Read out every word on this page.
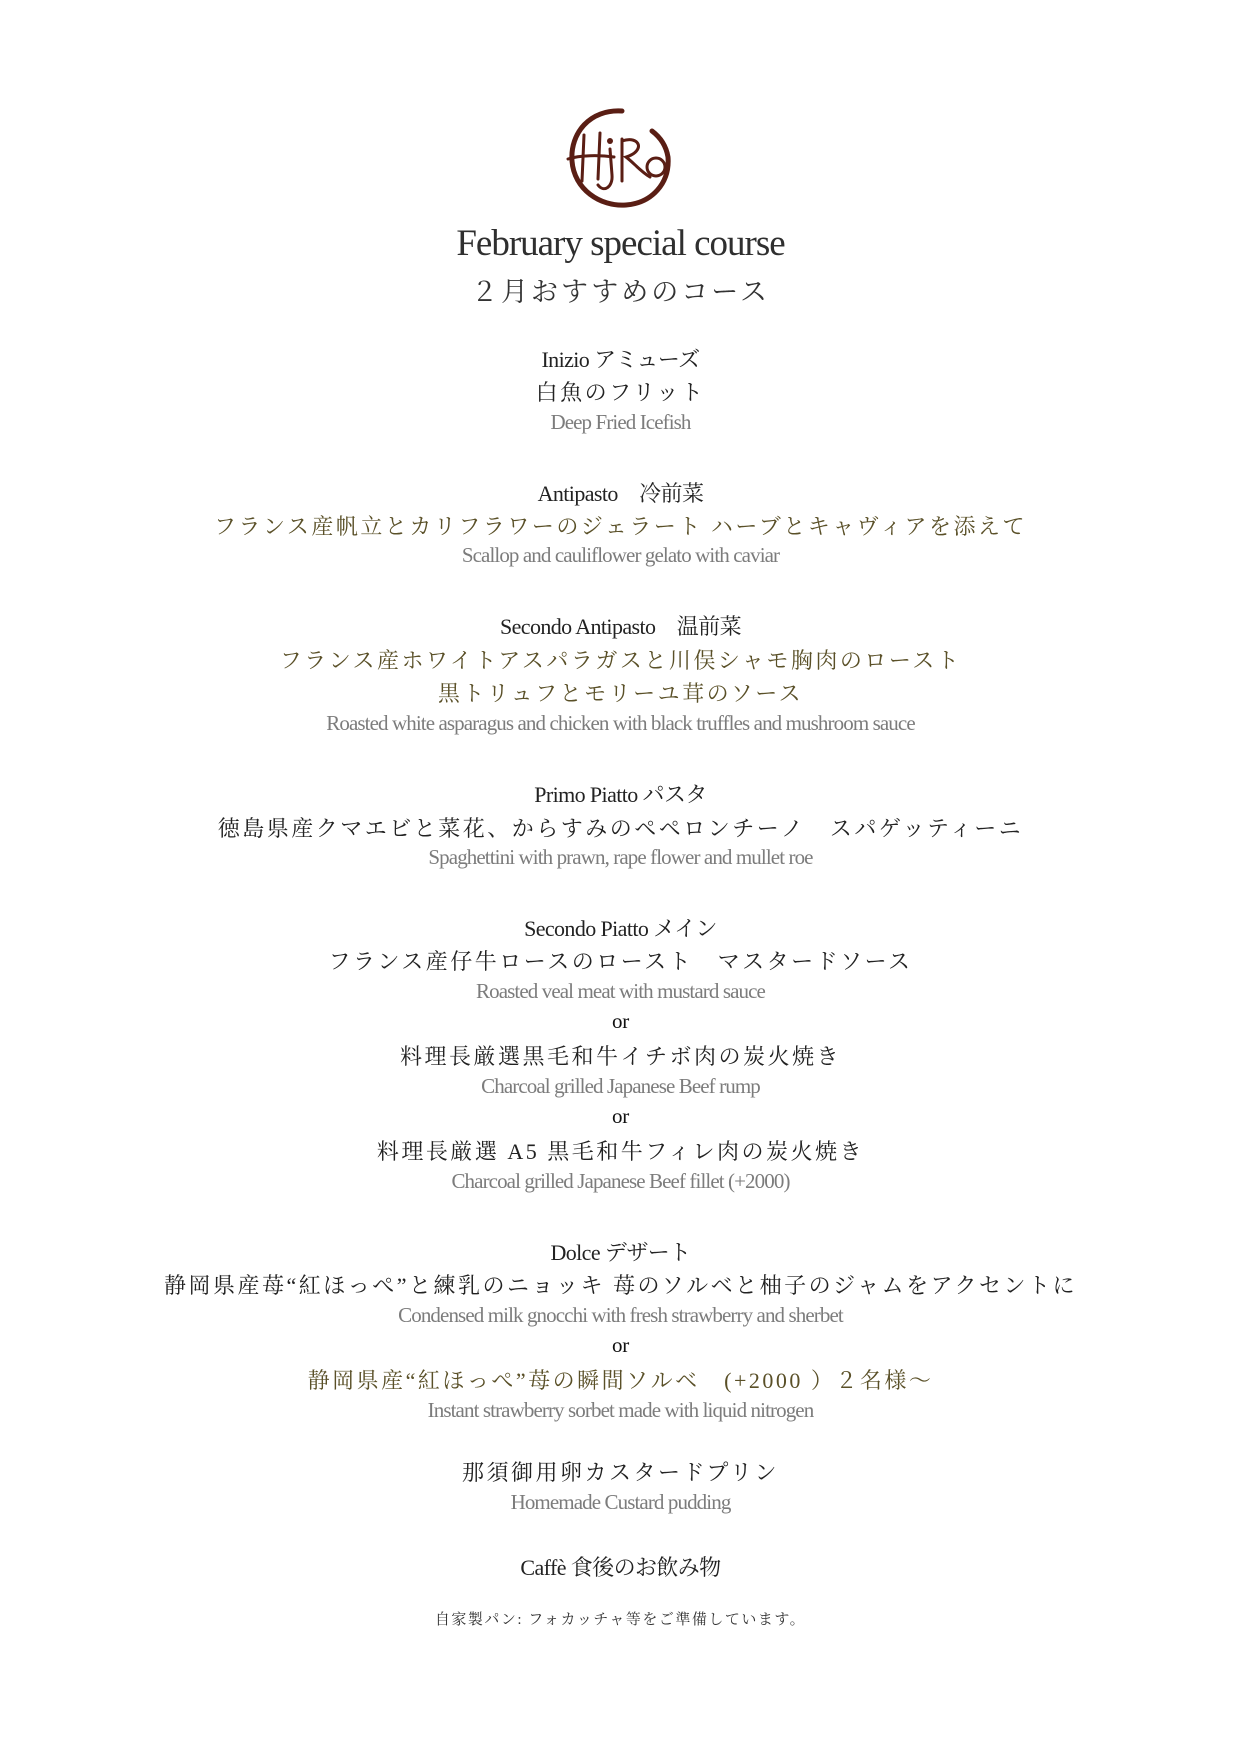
February special course
２月おすすめのコース
Inizio アミューズ
白魚のフリット
Deep Fried Icefish
Antipasto　冷前菜
フランス産帆立とカリフラワーのジェラート ハーブとキャヴィアを添えて
Scallop and cauliflower gelato with caviar
Secondo Antipasto　温前菜
フランス産ホワイトアスパラガスと川俣シャモ胸肉のロースト
黒トリュフとモリーユ茸のソース
Roasted white asparagus and chicken with black truffles and mushroom sauce
Primo Piatto パスタ
徳島県産クマエビと菜花、からすみのペペロンチーノ　スパゲッティーニ
Spaghettini with prawn, rape flower and mullet roe
Secondo Piatto メイン
フランス産仔牛ロースのロースト　マスタードソース
Roasted veal meat with mustard sauce
or
料理長厳選黒毛和牛イチボ肉の炭火焼き
Charcoal grilled Japanese Beef rump
or
料理長厳選 A5 黒毛和牛フィレ肉の炭火焼き
Charcoal grilled Japanese Beef fillet (+2000)
Dolce デザート
静岡県産苺“紅ほっぺ”と練乳のニョッキ 苺のソルベと柚子のジャムをアクセントに
Condensed milk gnocchi with fresh strawberry and sherbet
or
静岡県産“紅ほっぺ”苺の瞬間ソルベ　(+2000 ）２名様～
Instant strawberry sorbet made with liquid nitrogen
那須御用卵カスタードプリン
Homemade Custard pudding
Caffè 食後のお飲み物
自家製パン: フォカッチャ等をご準備しています。
